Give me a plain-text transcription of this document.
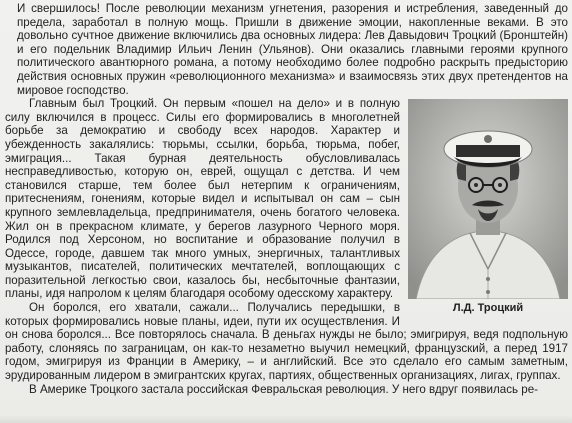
И свершилось! После революции механизм угнетения, разорения и истребления, заведенный до предела, заработал в полную мощь. Пришли в движение эмоции, накопленные веками. В это довольно сучтное движение включились два основных лидера: Лев Давыдович Троцкий (Бронштейн) и его подельник Владимир Ильич Ленин (Ульянов). Они оказались главными героями крупного политического авантюрного романа, а потому необходимо более подробно раскрыть предысторию действия основных пружин «революционного механизма» и взаимосвязь этих двух претендентов на мировое господство.

Л.Д. Троцкий

Главным был Троцкий. Он первым «пошел на дело» и в полную силу включился в процесс. Силы его формировались в многолетней борьбе за демократию и свободу всех народов. Характер и убежденность закалялись: тюрьмы, ссылки, борьба, тюрьма, побег, эмиграция... Такая бурная деятельность обусловливалась несправедливостью, которую он, еврей, ощущал с детства. И чем становился старше, тем более был нетерпим к ограничениям, притеснениям, гонениям, которые видел и испытывал он сам – сын крупного землевладельца, предпринимателя, очень богатого человека. Жил он в прекрасном климате, у берегов лазурного Черного моря. Родился под Херсоном, но воспитание и образование получил в Одессе, городе, давшем так много умных, энергичных, талантливых музыкантов, писателей, политических мечтателей, воплощающих с поразительной легкостью свои, казалось бы, несбыточные фантазии, планы, идя напролом к целям благодаря особому одесскому характеру.

Он боролся, его хватали, сажали... Получались передышки, в которых формировались новые планы, идеи, пути их осуществления. И он снова боролся... Все повторялось сначала. В деньгах нужды не было; эмигрируя, ведя подпольную работу, слоняясь по заграницам, он как-то незаметно выучил немецкий, французский, а перед 1917 годом, эмигрируя из Франции в Америку, – и английский. Все это сделало его самым заметным, эрудированным лидером в эмигрантских кругах, партиях, общественных организациях, лигах, группах.

В Америке Троцкого застала российская Февральская революция. У него вдруг появилась ре-
